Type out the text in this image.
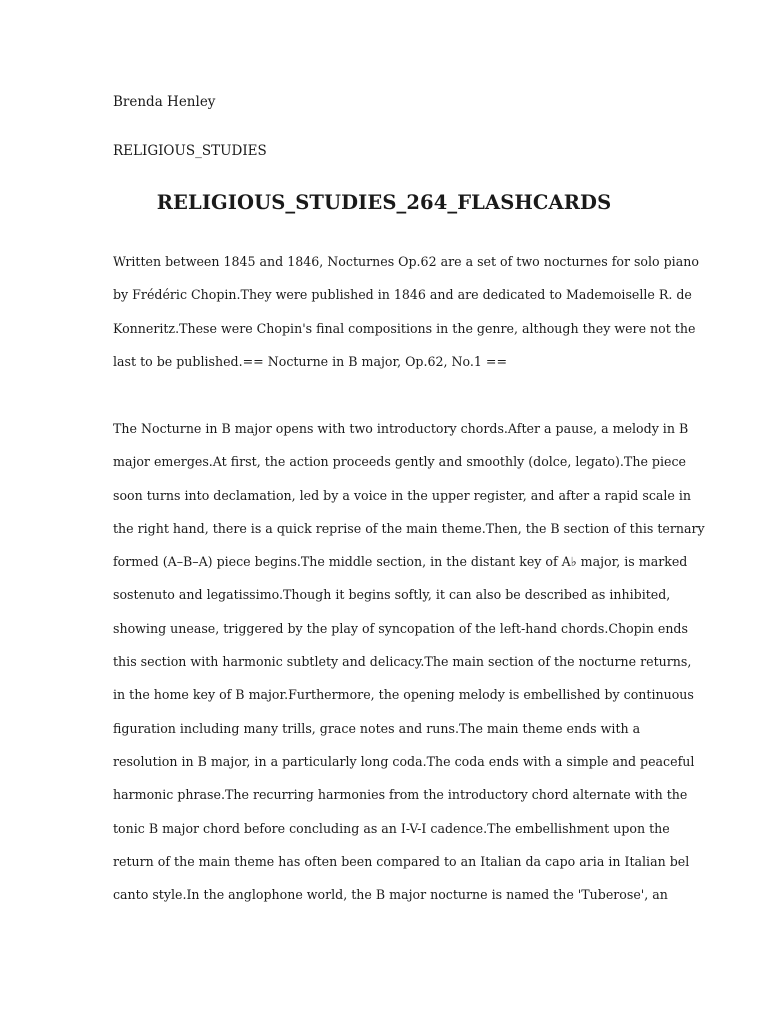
Brenda Henley
RELIGIOUS_STUDIES
RELIGIOUS_STUDIES_264_FLASHCARDS

Written between 1845 and 1846, Nocturnes Op.62 are a set of two nocturnes for solo piano
by Frédéric Chopin.They were published in 1846 and are dedicated to Mademoiselle R. de
Konneritz.These were Chopin's final compositions in the genre, although they were not the
last to be published.== Nocturne in B major, Op.62, No.1 ==

The Nocturne in B major opens with two introductory chords.After a pause, a melody in B
major emerges.At first, the action proceeds gently and smoothly (dolce, legato).The piece
soon turns into declamation, led by a voice in the upper register, and after a rapid scale in
the right hand, there is a quick reprise of the main theme.Then, the B section of this ternary
formed (A–B–A) piece begins.The middle section, in the distant key of A♭ major, is marked
sostenuto and legatissimo.Though it begins softly, it can also be described as inhibited,
showing unease, triggered by the play of syncopation of the left-hand chords.Chopin ends
this section with harmonic subtlety and delicacy.The main section of the nocturne returns,
in the home key of B major.Furthermore, the opening melody is embellished by continuous
figuration including many trills, grace notes and runs.The main theme ends with a
resolution in B major, in a particularly long coda.The coda ends with a simple and peaceful
harmonic phrase.The recurring harmonies from the introductory chord alternate with the
tonic B major chord before concluding as an I-V-I cadence.The embellishment upon the
return of the main theme has often been compared to an Italian da capo aria in Italian bel
canto style.In the anglophone world, the B major nocturne is named the 'Tuberose', an
